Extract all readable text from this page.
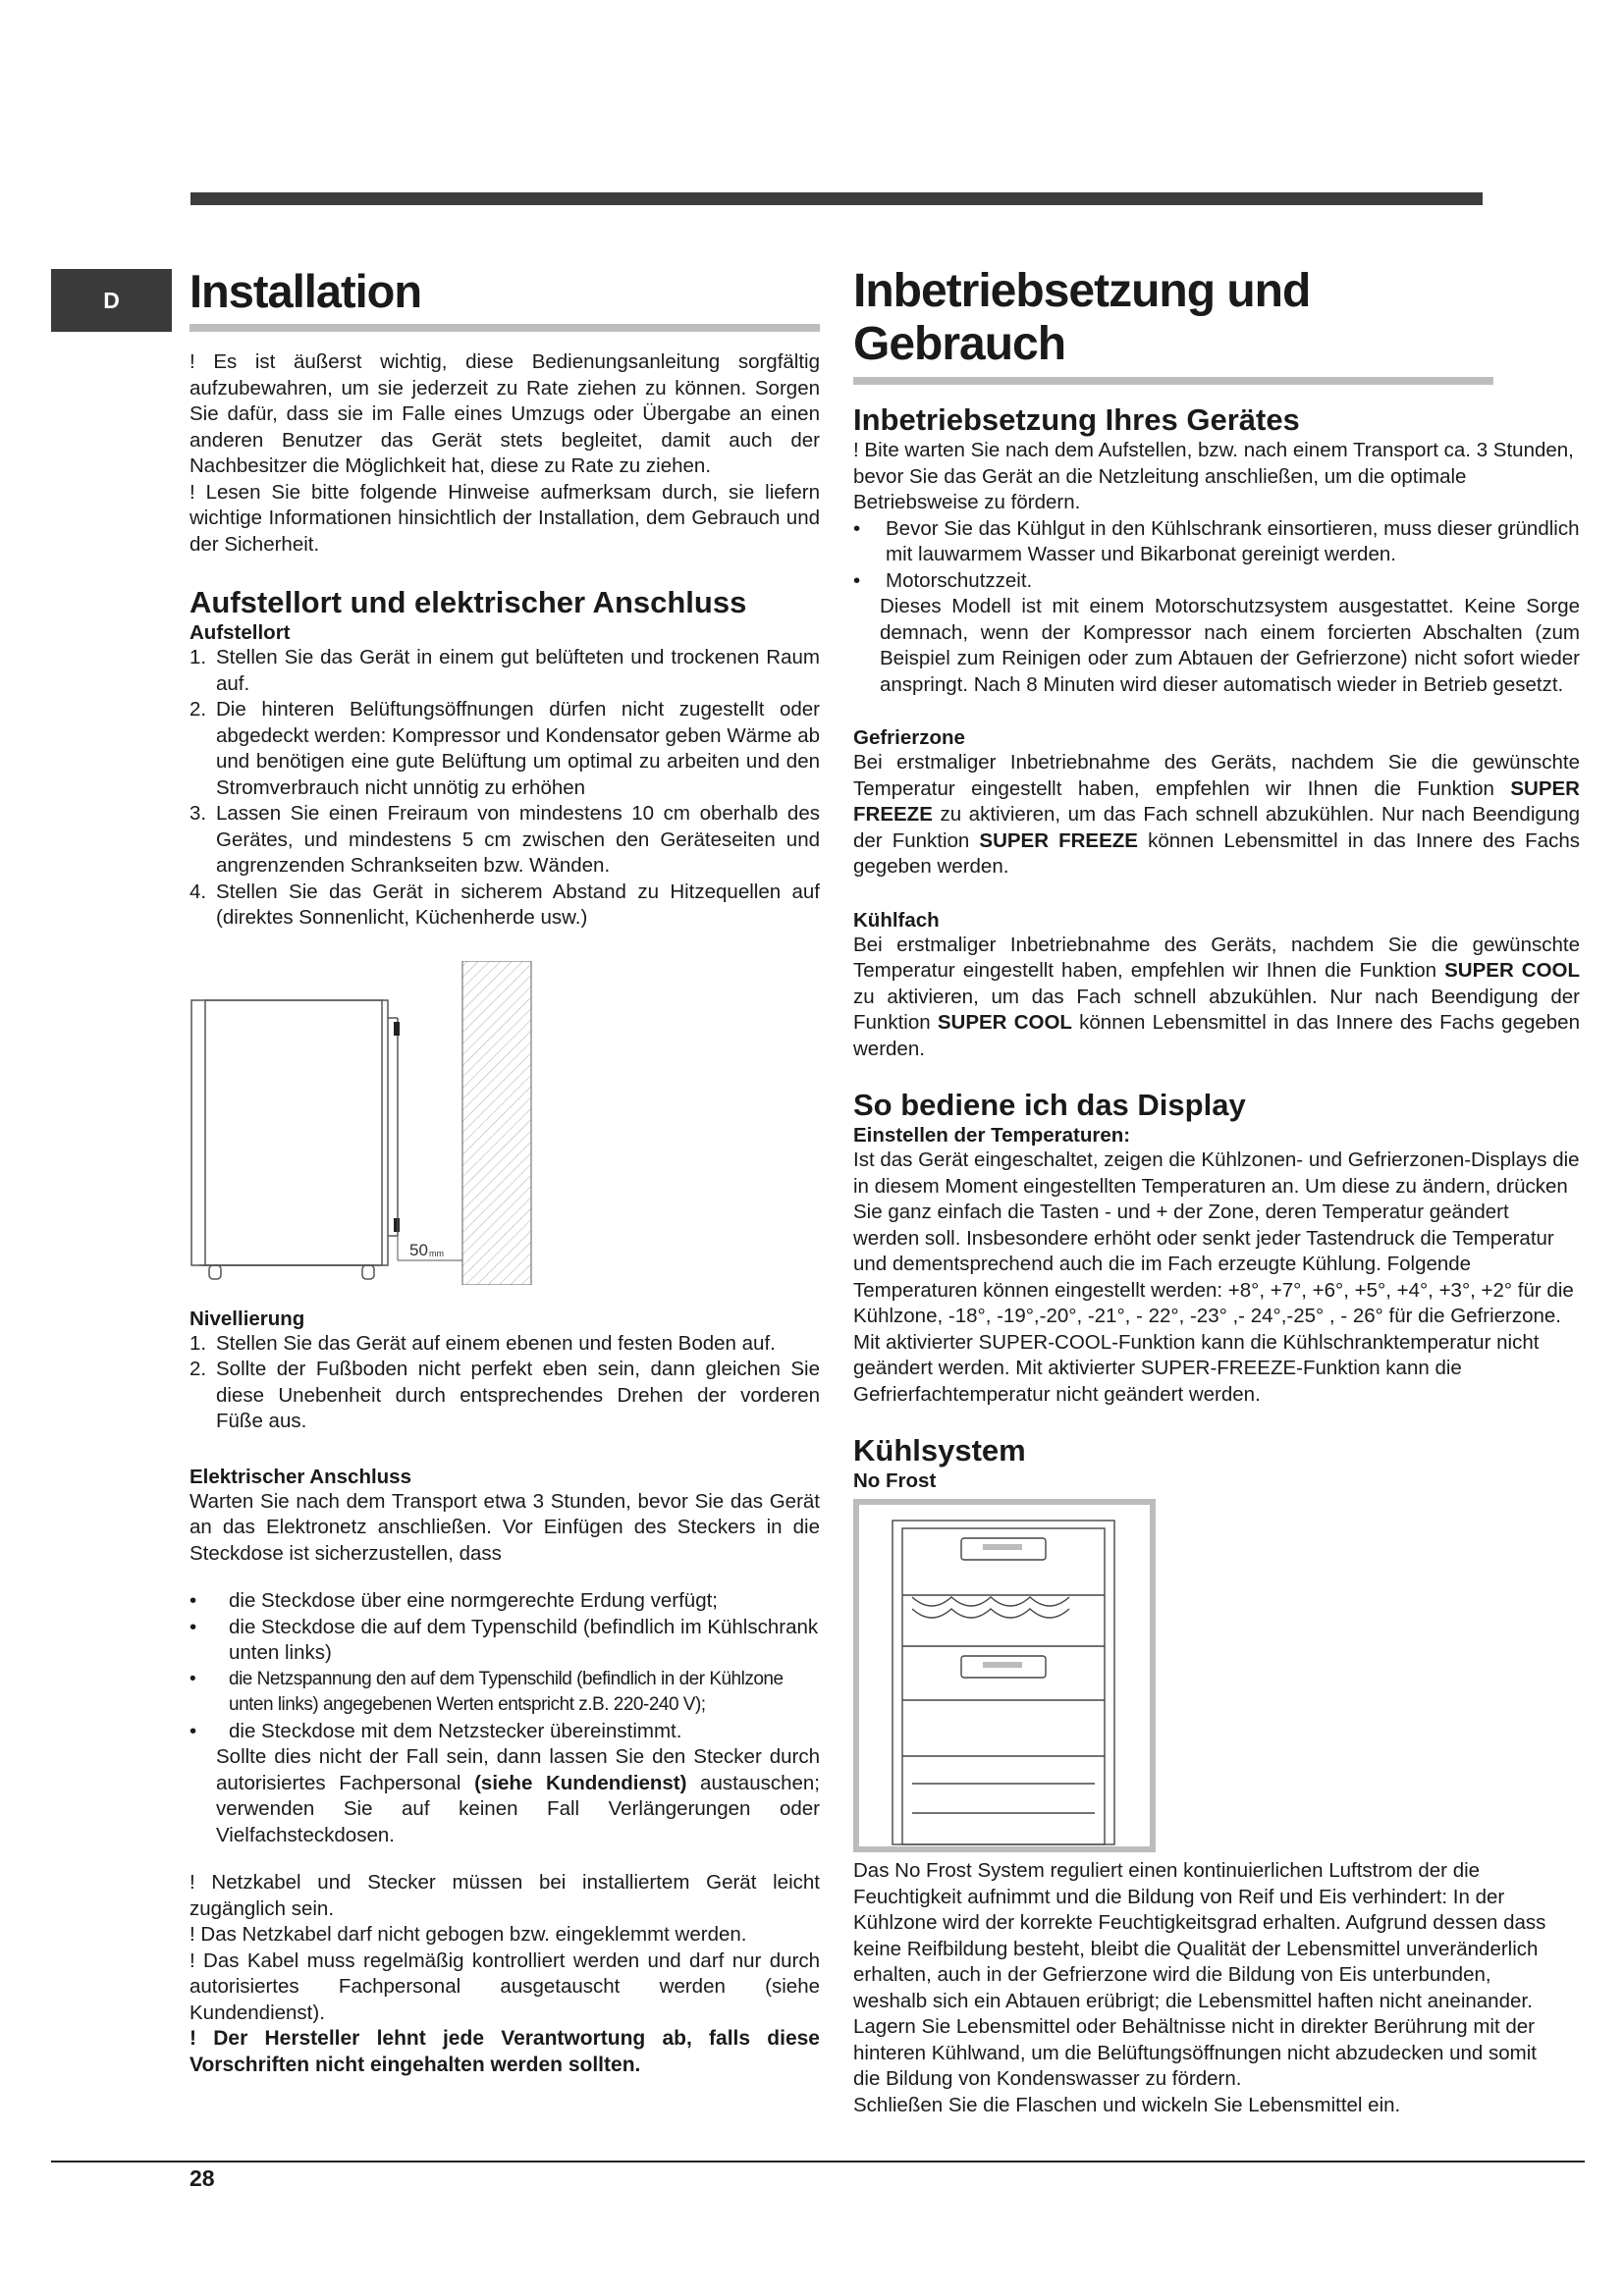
D	Installation

! Es ist äußerst wichtig, diese Bedienungsanleitung sorgfältig aufzubewahren, um sie jederzeit zu Rate ziehen zu können. Sorgen Sie dafür, dass sie im Falle eines Umzugs oder Übergabe an einen anderen Benutzer das Gerät stets begleitet, damit auch der Nachbesitzer die Möglichkeit hat, diese zu Rate zu ziehen.

! Lesen Sie bitte folgende Hinweise aufmerksam durch, sie liefern wichtige Informationen hinsichtlich der Installation, dem Gebrauch und der Sicherheit.

Aufstellort und elektrischer Anschluss
Aufstellort
1. Stellen Sie das Gerät in einem gut belüfteten und trockenen Raum auf.
2. Die hinteren Belüftungsöffnungen dürfen nicht zugestellt oder abgedeckt werden: Kompressor und Kondensator geben Wärme ab und benötigen eine gute Belüftung um optimal zu arbeiten und den Stromverbrauch nicht unnötig zu erhöhen
3. Lassen Sie einen Freiraum von mindestens 10 cm oberhalb des Gerätes, und mindestens 5 cm zwischen den Geräteseiten und angrenzenden Schrankseiten bzw. Wänden.
4. Stellen Sie das Gerät in sicherem Abstand zu Hitzequellen auf (direktes Sonnenlicht, Küchenherde usw.)
50 mm
Nivellierung
1. Stellen Sie das Gerät auf einem ebenen und festen Boden auf.
2. Sollte der Fußboden nicht perfekt eben sein, dann gleichen Sie diese Unebenheit durch entsprechendes Drehen der vorderen Füße aus.
Elektrischer Anschluss

Warten Sie nach dem Transport etwa 3 Stunden, bevor Sie das Gerät an das Elektronetz anschließen. Vor Einfügen des Steckers in die Steckdose ist sicherzustellen, dass

• die Steckdose über eine normgerechte Erdung verfügt;
• die Steckdose die auf dem Typenschild (befindlich im Kühlschrank unten links)
• die Netzspannung den auf dem Typenschild (befindlich in der Kühlzone unten links) angegebenen Werten entspricht z.B. 220-240 V);
• die Steckdose mit dem Netzstecker übereinstimmt.

Sollte dies nicht der Fall sein, dann lassen Sie den Stecker durch autorisiertes Fachpersonal (siehe Kundendienst) austauschen; verwenden Sie auf keinen Fall Verlängerungen oder Vielfachsteckdosen.

! Netzkabel und Stecker müssen bei installiertem Gerät leicht zugänglich sein.

! Das Netzkabel darf nicht gebogen bzw. eingeklemmt werden.

! Das Kabel muss regelmäßig kontrolliert werden und darf nur durch autorisiertes Fachpersonal ausgetauscht werden (siehe Kundendienst).

! Der Hersteller lehnt jede Verantwortung ab, falls diese Vorschriften nicht eingehalten werden sollten.

Inbetriebsetzung und Gebrauch
Inbetriebsetzung Ihres Gerätes

! Bite warten Sie nach dem Aufstellen, bzw. nach einem Transport ca. 3 Stunden, bevor Sie das Gerät an die Netzleitung anschließen, um die optimale Betriebsweise zu fördern.

• Bevor Sie das Kühlgut in den Kühlschrank einsortieren, muss dieser gründlich mit lauwarmem Wasser und Bikarbonat gereinigt werden.
• Motorschutzzeit.

Dieses Modell ist mit einem Motorschutzsystem ausgestattet. Keine Sorge demnach, wenn der Kompressor nach einem forcierten Abschalten (zum Beispiel zum Reinigen oder zum Abtauen der Gefrierzone) nicht sofort wieder anspringt. Nach 8 Minuten wird dieser automatisch wieder in Betrieb gesetzt.

Gefrierzone

Bei erstmaliger Inbetriebnahme des Geräts, nachdem Sie die gewünschte Temperatur eingestellt haben, empfehlen wir Ihnen die Funktion SUPER FREEZE zu aktivieren, um das Fach schnell abzukühlen. Nur nach Beendigung der Funktion SUPER FREEZE können Lebensmittel in das Innere des Fachs gegeben werden.

Kühlfach

Bei erstmaliger Inbetriebnahme des Geräts, nachdem Sie die gewünschte Temperatur eingestellt haben, empfehlen wir Ihnen die Funktion SUPER COOL zu aktivieren, um das Fach schnell abzukühlen. Nur nach Beendigung der Funktion SUPER COOL können Lebensmittel in das Innere des Fachs gegeben werden.

So bediene ich das Display
Einstellen der Temperaturen:

Ist das Gerät eingeschaltet, zeigen die Kühlzonen- und Gefrierzonen-Displays die in diesem Moment eingestellten Temperaturen an. Um diese zu ändern, drücken Sie ganz einfach die Tasten - und + der Zone, deren Temperatur geändert werden soll. Insbesondere erhöht oder senkt jeder Tastendruck die Temperatur und dementsprechend auch die im Fach erzeugte Kühlung. Folgende Temperaturen können eingestellt werden: +8°, +7°, +6°, +5°, +4°, +3°, +2° für die Kühlzone, -18°, -19°,-20°, -21°, - 22°, -23° ,- 24°,-25° , - 26° für die Gefrierzone. Mit aktivierter SUPER-COOL-Funktion kann die Kühlschranktemperatur nicht geändert werden. Mit aktivierter SUPER-FREEZE-Funktion kann die Gefrierfachtemperatur nicht geändert werden.

Kühlsystem
No Frost

Das No Frost System reguliert einen kontinuierlichen Luftstrom der die Feuchtigkeit aufnimmt und die Bildung von Reif und Eis verhindert: In der Kühlzone wird der korrekte Feuchtigkeitsgrad erhalten. Aufgrund dessen dass keine Reifbildung besteht, bleibt die Qualität der Lebensmittel unveränderlich erhalten, auch in der Gefrierzone wird die Bildung von Eis unterbunden, weshalb sich ein Abtauen erübrigt; die Lebensmittel haften nicht aneinander.

Lagern Sie Lebensmittel oder Behältnisse nicht in direkter Berührung mit der hinteren Kühlwand, um die Belüftungsöffnungen nicht abzudecken und somit die Bildung von Kondenswasser zu fördern.

Schließen Sie die Flaschen und wickeln Sie Lebensmittel ein.

28
